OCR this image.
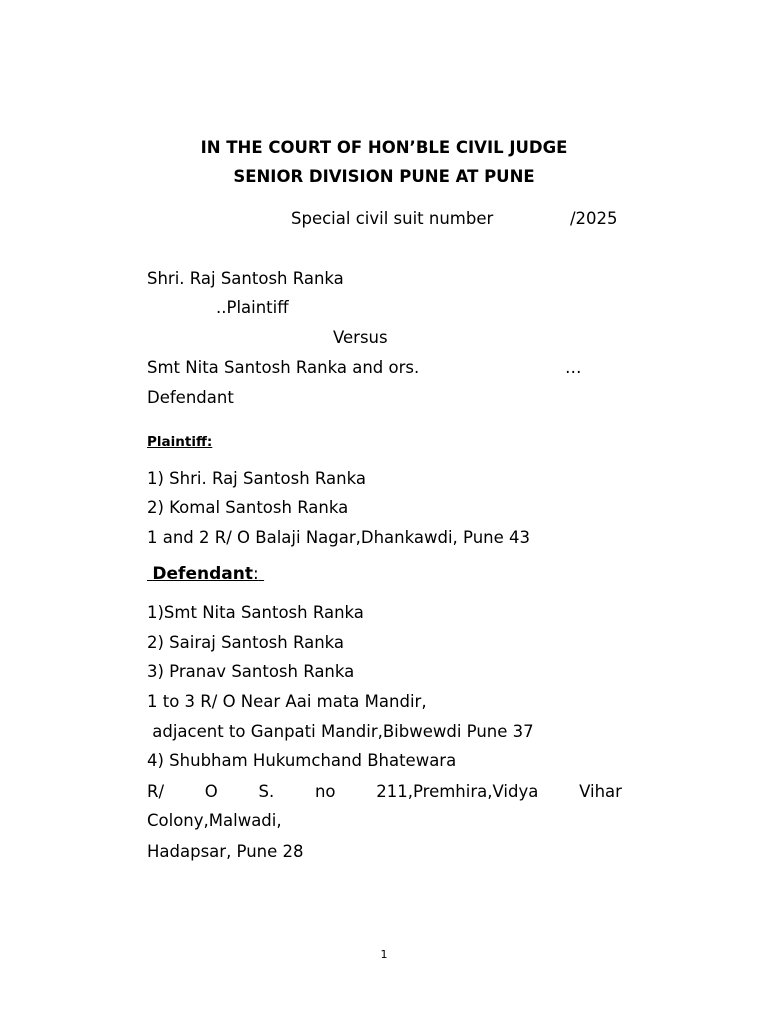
IN THE COURT OF HON’BLE CIVIL JUDGE
SENIOR DIVISION PUNE AT PUNE
Special civil suit number	/2025
Shri. Raj Santosh Ranka
..Plaintiff
Versus
Smt Nita Santosh Ranka and ors.	…
Defendant
Plaintiff:
1) Shri. Raj Santosh Ranka
2) Komal Santosh Ranka
1 and 2 R/ O Balaji Nagar,Dhankawdi, Pune 43
Defendant:
1)Smt Nita Santosh Ranka
2) Sairaj Santosh Ranka
3) Pranav Santosh Ranka
1 to 3 R/ O Near Aai mata Mandir,
adjacent to Ganpati Mandir,Bibwewdi Pune 37
4) Shubham Hukumchand Bhatewara
R/ O S. no 211,Premhira,Vidya Vihar
Colony,Malwadi,
Hadapsar, Pune 28
1
